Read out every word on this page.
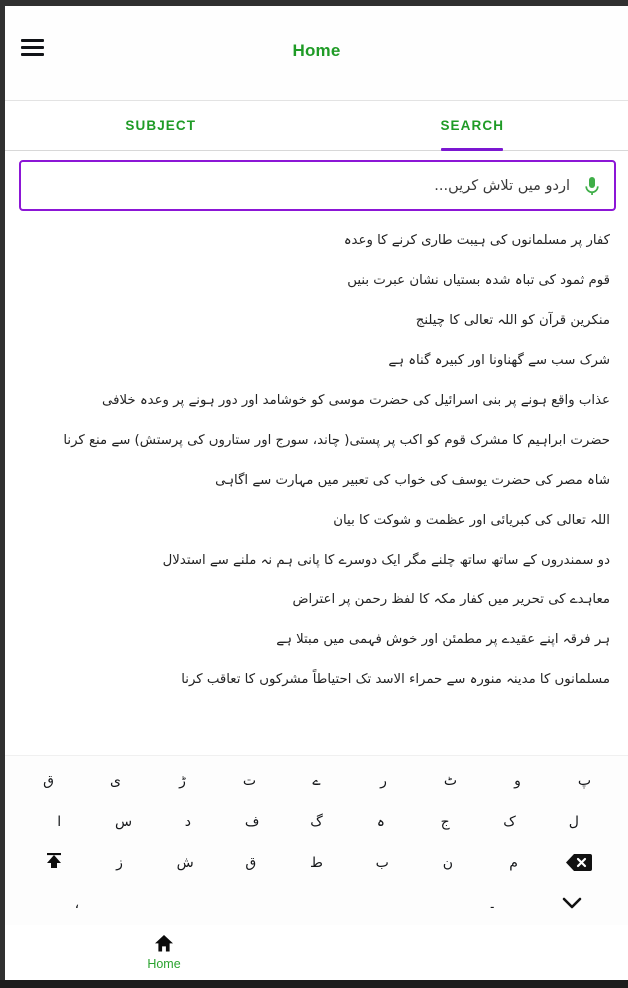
Home
SUBJECT	SEARCH
اردو میں تلاش کریں...
کفار پر مسلمانوں کی ہیبت طاری کرنے کا وعدہ
قوم ثمود کی تباہ شدہ بستیاں نشان عبرت بنیں
منکرین قرآن کو اللہ تعالی کا چیلنج
شرک سب سے گھناونا اور کبیرہ گناہ ہے
عذاب واقع ہونے پر بنی اسرائیل کی حضرت موسی کو خوشامد اور دور ہونے پر وعدہ خلافی
حضرت ابراہیم کا مشرک قوم کو اکب پر پستی( چاند، سورج اور ستاروں کی پرستش) سے منع کرنا
شاہ مصر کی حضرت یوسف کی خواب کی تعبیر میں مہارت سے اگاہی
اللہ تعالی کی کبریائی اور عظمت و شوکت کا بیان
دو سمندروں کے ساتھ ساتھ چلنے مگر ایک دوسرے کا پانی ہم نہ ملنے سے استدلال
معاہدے کی تحریر میں کفار مکہ کا لفظ رحمن پر اعتراض
ہر فرقہ اپنے عقیدے پر مطمئن اور خوش فہمی میں مبتلا ہے
مسلمانوں کا مدینہ منورہ سے حمراء الاسد تک احتیاطاً مشرکوں کا تعاقب کرنا
ق	ی	ڑ	ت	ے	ر	ٹ	و	پ
ا	س	د	ف	گ	ہ	ج	ک	ل
ز	ش	ق	ط	ب	ن	م
،	۔
Home
